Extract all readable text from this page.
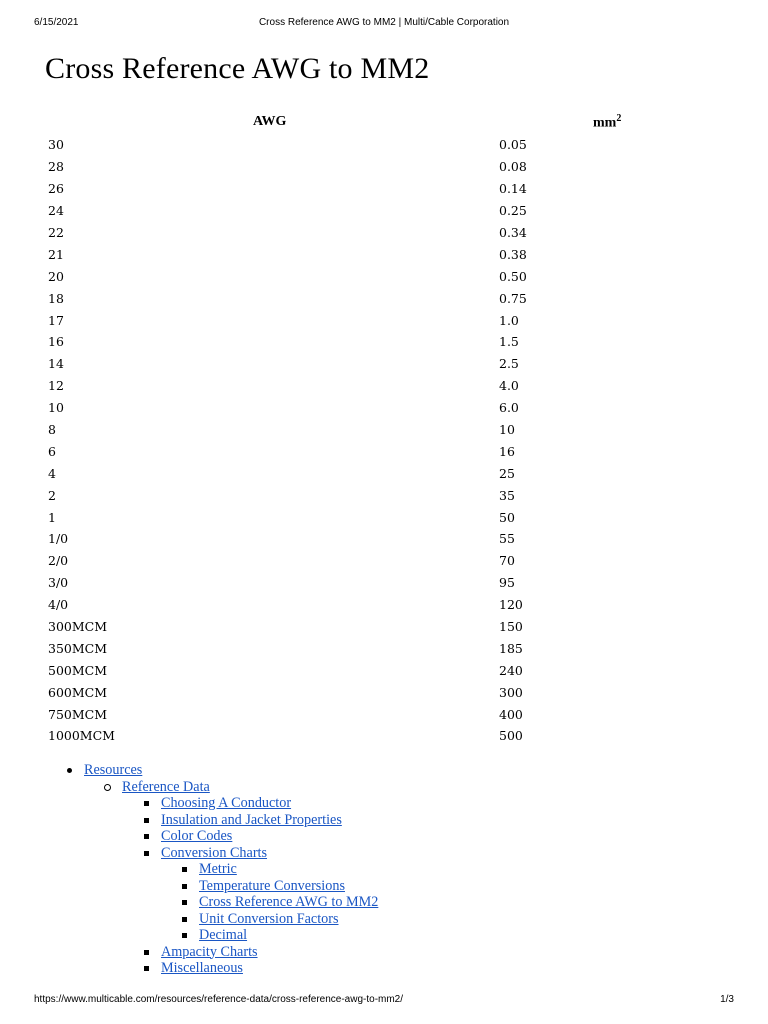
6/15/2021	Cross Reference AWG to MM2 | Multi/Cable Corporation
Cross Reference AWG to MM2
AWG	$mm^2$
30	0.05
28	0.08
26	0.14
24	0.25
22	0.34
21	0.38
20	0.50
18	0.75
17	1.0
16	1.5
14	2.5
12	4.0
10	6.0
8	10
6	16
4	25
2	35
1	50
1/0	55
2/0	70
3/0	95
4/0	120
300MCM	150
350MCM	185
500MCM	240
600MCM	300
750MCM	400
1000MCM	500
Resources
Reference Data
Choosing A Conductor
Insulation and Jacket Properties
Color Codes
Conversion Charts
Metric
Temperature Conversions
Cross Reference AWG to MM2
Unit Conversion Factors
Decimal
Ampacity Charts
Miscellaneous
https://www.multicable.com/resources/reference-data/cross-reference-awg-to-mm2/	1/3
